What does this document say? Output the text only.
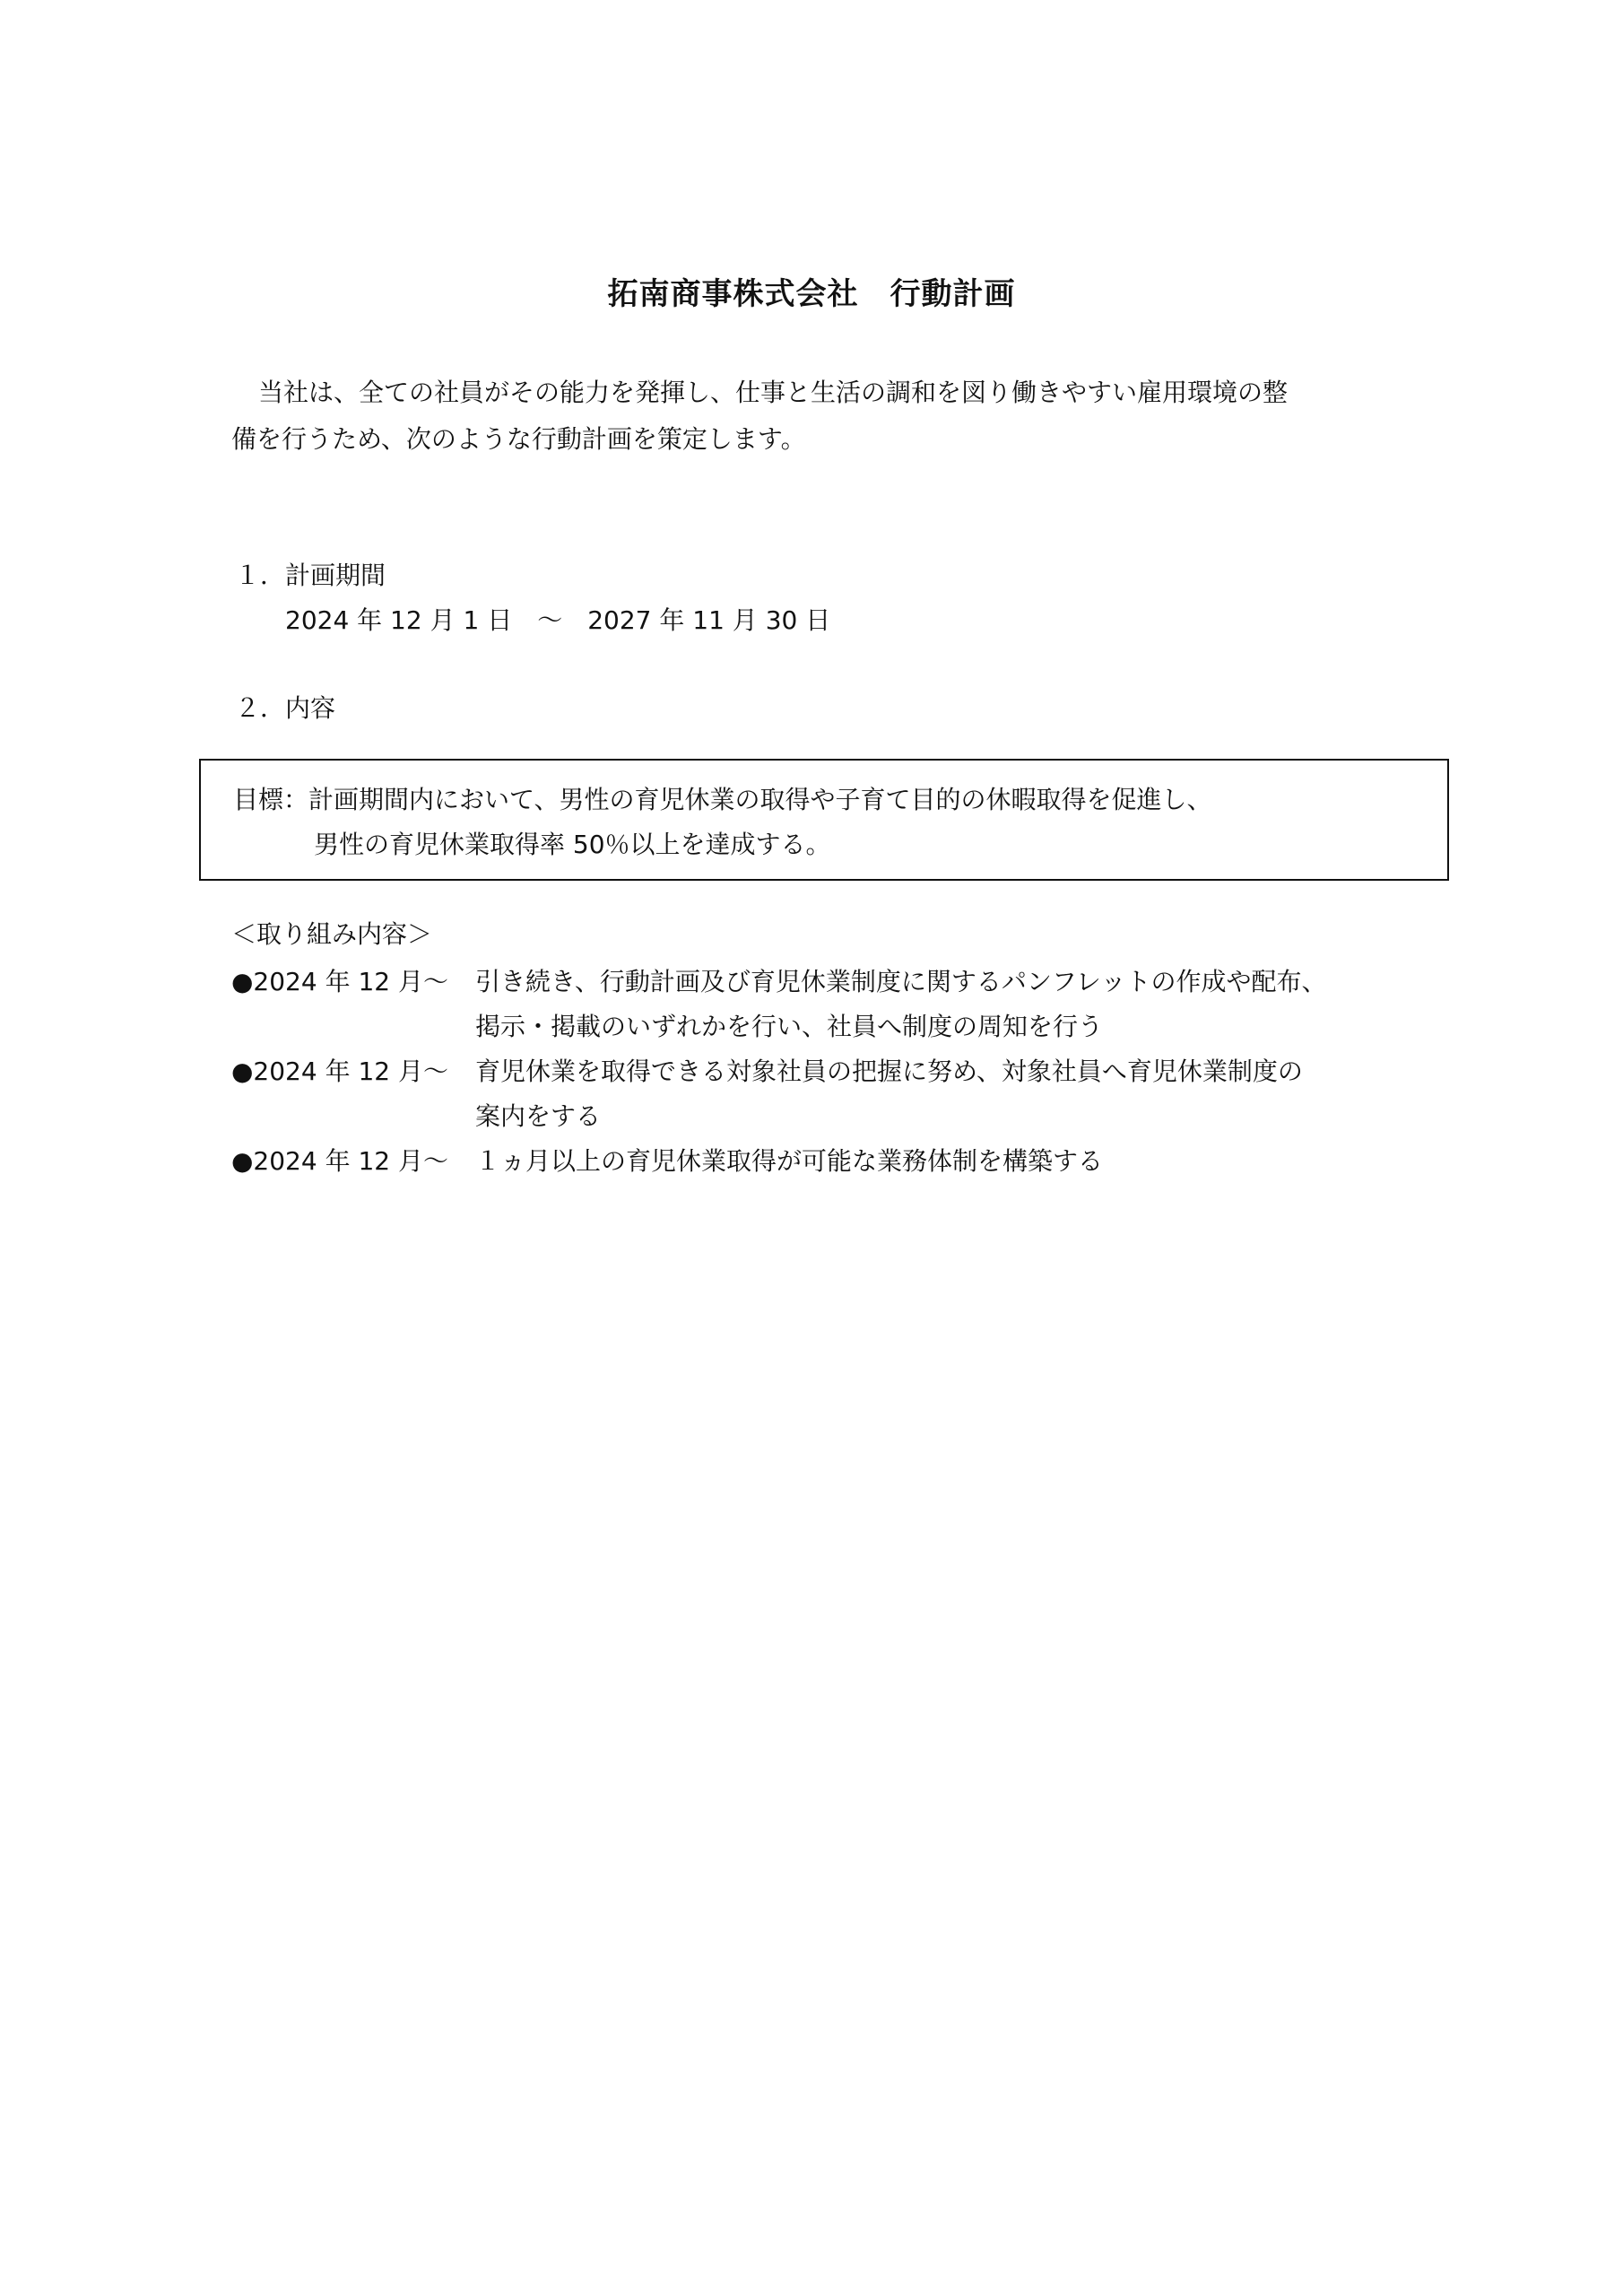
拓南商事株式会社　行動計画
当社は、全ての社員がその能力を発揮し、仕事と生活の調和を図り働きやすい雇用環境の整
備を行うため、次のような行動計画を策定します。
１．計画期間
2024 年 12 月 1 日　～　2027 年 11 月 30 日
２．内容
目標：計画期間内において、男性の育児休業の取得や子育て目的の休暇取得を促進し、
男性の育児休業取得率 50％以上を達成する。
＜取り組み内容＞
●2024 年 12 月～ 引き続き、行動計画及び育児休業制度に関するパンフレットの作成や配布、
掲示・掲載のいずれかを行い、社員へ制度の周知を行う
●2024 年 12 月～ 育児休業を取得できる対象社員の把握に努め、対象社員へ育児休業制度の
案内をする
●2024 年 12 月～ １ヵ月以上の育児休業取得が可能な業務体制を構築する
